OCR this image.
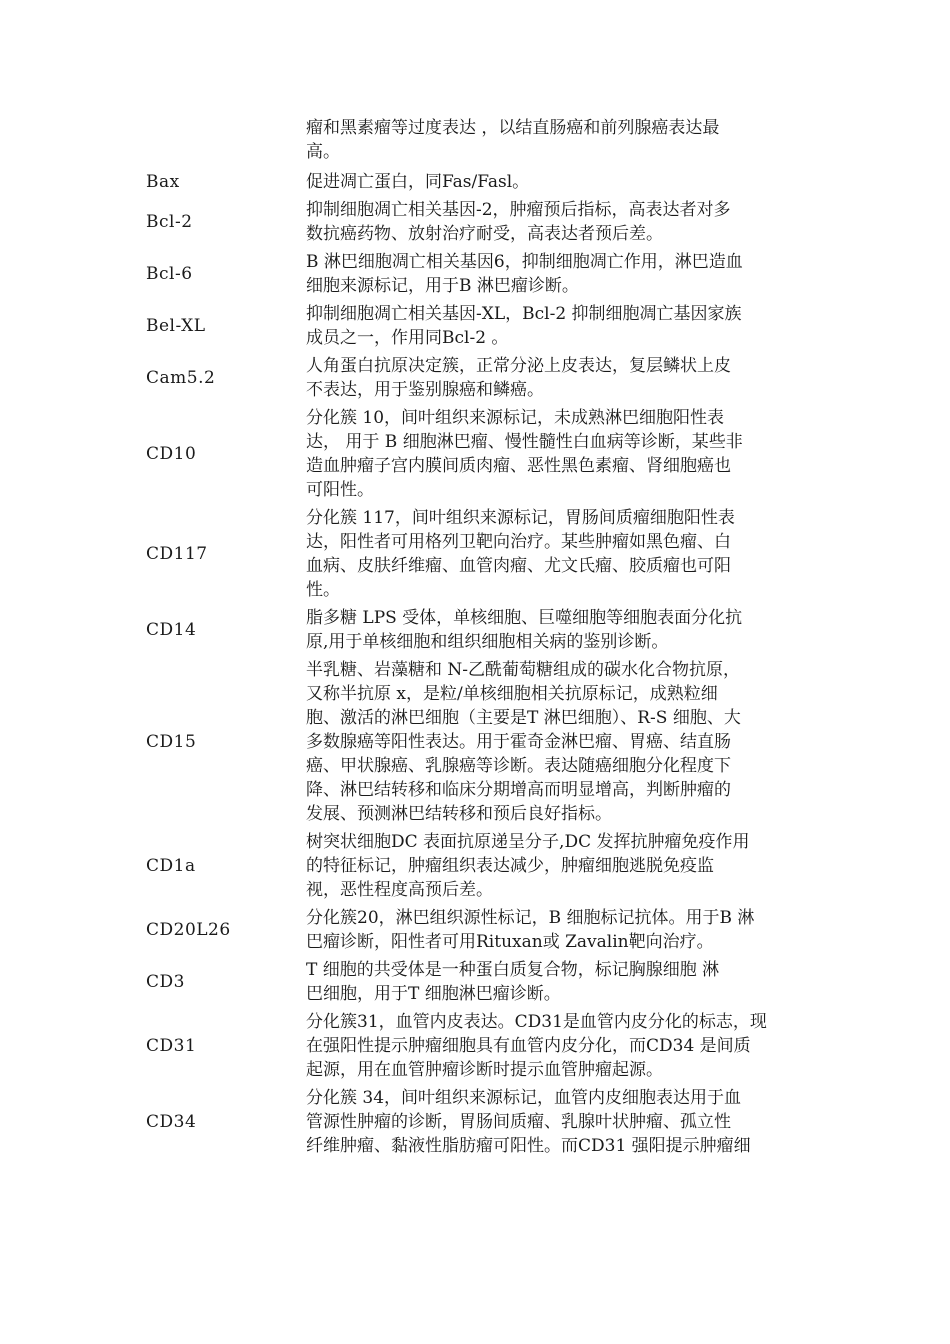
瘤和黑素瘤等过度表达 ，以结直肠癌和前列腺癌表达最
高。
Bax	促进凋亡蛋白，同Fas/Fasl。
Bcl-2
抑制细胞凋亡相关基因-2，肿瘤预后指标，高表达者对多
数抗癌药物、放射治疗耐受，高表达者预后差。
Bcl-6
B 淋巴细胞凋亡相关基因6，抑制细胞凋亡作用，淋巴造血
细胞来源标记，用于B 淋巴瘤诊断。
Bel-XL
抑制细胞凋亡相关基因-XL，Bcl-2 抑制细胞凋亡基因家族
成员之一，作用同Bcl-2 。
Cam5.2
人角蛋白抗原决定簇，正常分泌上皮表达，复层鳞状上皮
不表达，用于鉴别腺癌和鳞癌。
CD10
分化簇 10，间叶组织来源标记，未成熟淋巴细胞阳性表
达， 用于 B 细胞淋巴瘤、慢性髓性白血病等诊断，某些非
造血肿瘤子宫内膜间质肉瘤、恶性黑色素瘤、肾细胞癌也
可阳性。
CD117
分化簇 117，间叶组织来源标记，胃肠间质瘤细胞阳性表
达，阳性者可用格列卫靶向治疗。某些肿瘤如黑色瘤、白
血病、皮肤纤维瘤、血管肉瘤、尤文氏瘤、胶质瘤也可阳
性。
CD14
脂多糖 LPS 受体，单核细胞、巨噬细胞等细胞表面分化抗
原,用于单核细胞和组织细胞相关病的鉴别诊断。
CD15
半乳糖、岩藻糖和 N-乙酰葡萄糖组成的碳水化合物抗原，
又称半抗原 x，是粒/单核细胞相关抗原标记，成熟粒细
胞、激活的淋巴细胞（主要是T 淋巴细胞）、R-S 细胞、大
多数腺癌等阳性表达。用于霍奇金淋巴瘤、胃癌、结直肠
癌、甲状腺癌、乳腺癌等诊断。表达随癌细胞分化程度下
降、淋巴结转移和临床分期增高而明显增高，判断肿瘤的
发展、预测淋巴结转移和预后良好指标。
CD1a
树突状细胞DC 表面抗原递呈分子,DC 发挥抗肿瘤免疫作用
的特征标记，肿瘤组织表达减少，肿瘤细胞逃脱免疫监
视，恶性程度高预后差。
CD20L26
分化簇20，淋巴组织源性标记，B 细胞标记抗体。用于B 淋
巴瘤诊断，阳性者可用Rituxan或 Zavalin靶向治疗。
CD3
T 细胞的共受体是一种蛋白质复合物，标记胸腺细胞 淋
巴细胞，用于T 细胞淋巴瘤诊断。
CD31
分化簇31，血管内皮表达。CD31是血管内皮分化的标志，现
在强阳性提示肿瘤细胞具有血管内皮分化，而CD34 是间质
起源，用在血管肿瘤诊断时提示血管肿瘤起源。
CD34
分化簇 34，间叶组织来源标记，血管内皮细胞表达用于血
管源性肿瘤的诊断，胃肠间质瘤、乳腺叶状肿瘤、孤立性
纤维肿瘤、黏液性脂肪瘤可阳性。而CD31 强阳提示肿瘤细
